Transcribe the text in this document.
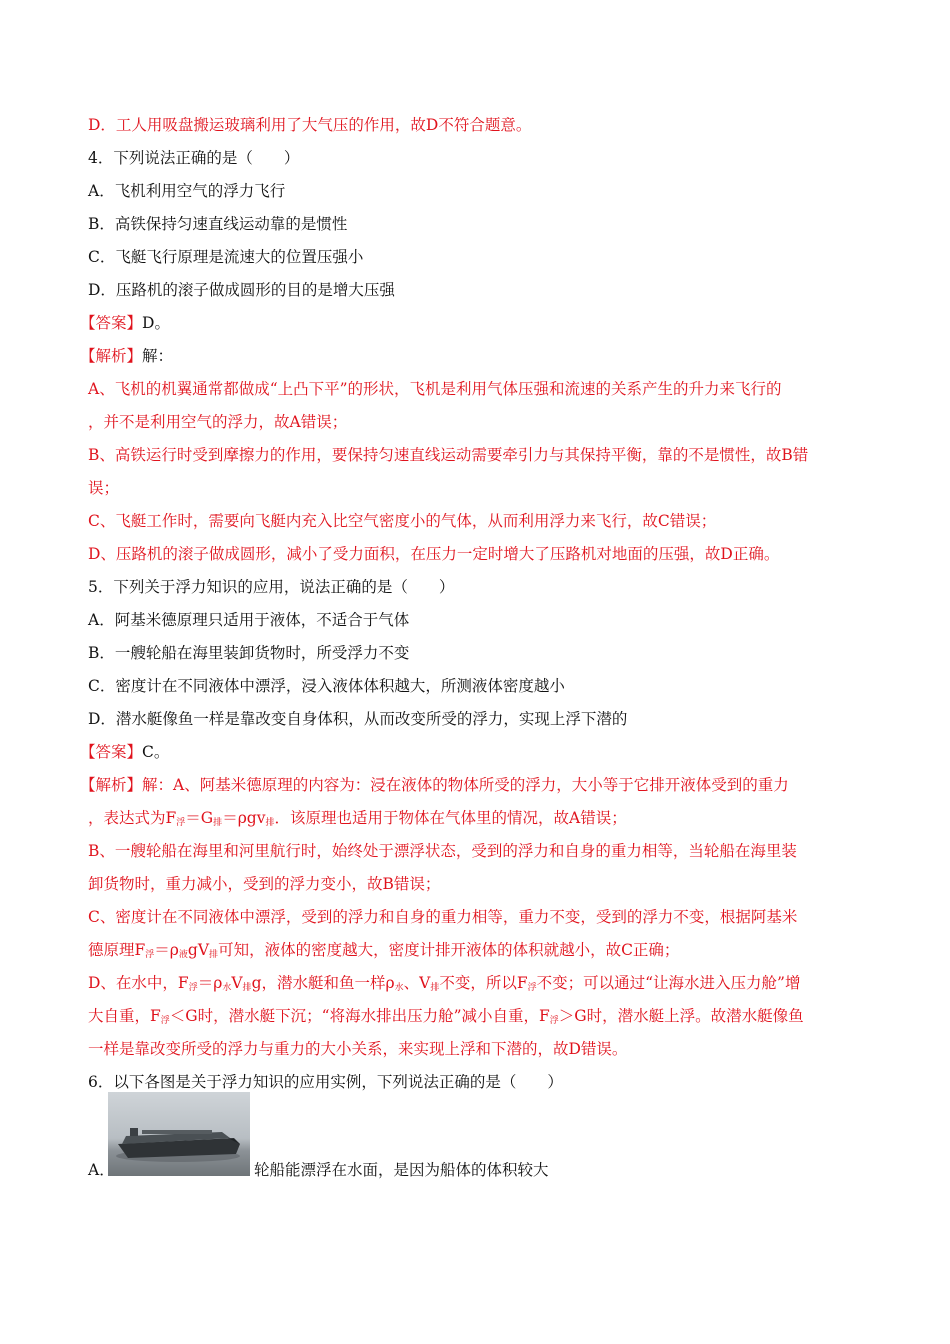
D．工人用吸盘搬运玻璃利用了大气压的作用，故D不符合题意。
4．下列说法正确的是（　　）
A．飞机利用空气的浮力飞行
B．高铁保持匀速直线运动靠的是惯性
C．飞艇飞行原理是流速大的位置压强小
D．压路机的滚子做成圆形的目的是增大压强
【答案】D。
【解析】解：
A、飞机的机翼通常都做成“上凸下平”的形状，飞机是利用气体压强和流速的关系产生的升力来飞行的
，并不是利用空气的浮力，故A错误；
B、高铁运行时受到摩擦力的作用，要保持匀速直线运动需要牵引力与其保持平衡，靠的不是惯性，故B错
误；
C、飞艇工作时，需要向飞艇内充入比空气密度小的气体，从而利用浮力来飞行，故C错误；
D、压路机的滚子做成圆形，减小了受力面积，在压力一定时增大了压路机对地面的压强，故D正确。
5．下列关于浮力知识的应用，说法正确的是（　　）
A．阿基米德原理只适用于液体，不适合于气体
B．一艘轮船在海里装卸货物时，所受浮力不变
C．密度计在不同液体中漂浮，浸入液体体积越大，所测液体密度越小
D．潜水艇像鱼一样是靠改变自身体积，从而改变所受的浮力，实现上浮下潜的
【答案】C。
【解析】解：A、阿基米德原理的内容为：浸在液体的物体所受的浮力，大小等于它排开液体受到的重力
，表达式为$F_浮=G_排=\rho gv_排$．该原理也适用于物体在气体里的情况，故A错误；
B、一艘轮船在海里和河里航行时，始终处于漂浮状态，受到的浮力和自身的重力相等，当轮船在海里装
卸货物时，重力减小，受到的浮力变小，故B错误；
C、密度计在不同液体中漂浮，受到的浮力和自身的重力相等，重力不变，受到的浮力不变，根据阿基米
德原理$F_浮=\rho_液gV_排$可知，液体的密度越大，密度计排开液体的体积就越小，故C正确；
D、在水中，$F_浮=\rho_水V_排g$，潜水艇和鱼一样$\rho_水$、$V_排$不变，所以$F_浮$不变；可以通过“让海水进入压力舱”增
大自重，$F_浮<G$时，潜水艇下沉；“将海水排出压力舱”减小自重，$F_浮>G$时，潜水艇上浮。故潜水艇像鱼
一样是靠改变所受的浮力与重力的大小关系，来实现上浮和下潜的，故D错误。
6．以下各图是关于浮力知识的应用实例，下列说法正确的是（　　）
A．	轮船能漂浮在水面，是因为船体的体积较大
